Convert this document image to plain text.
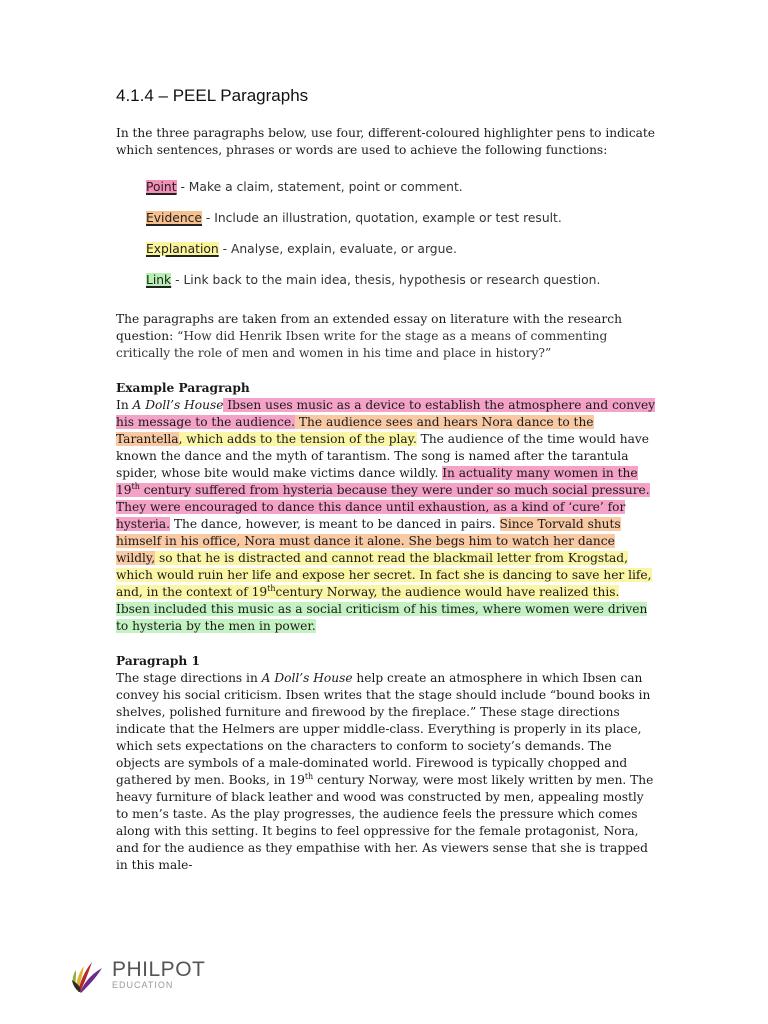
4.1.4 – PEEL Paragraphs

In the three paragraphs below, use four, different-coloured highlighter pens to indicate which sentences, phrases or words are used to achieve the following functions:

Point - Make a claim, statement, point or comment.
Evidence - Include an illustration, quotation, example or test result.
Explanation - Analyse, explain, evaluate, or argue.
Link - Link back to the main idea, thesis, hypothesis or research question.

The paragraphs are taken from an extended essay on literature with the research question: “How did Henrik Ibsen write for the stage as a means of commenting critically the role of men and women in his time and place in history?”

Example Paragraph

In A Doll’s House Ibsen uses music as a device to establish the atmosphere and convey his message to the audience. The audience sees and hears Nora dance to the Tarantella, which adds to the tension of the play. The audience of the time would have known the dance and the myth of tarantism. The song is named after the tarantula spider, whose bite would make victims dance wildly. In actuality many women in the 19th century suffered from hysteria because they were under so much social pressure. They were encouraged to dance this dance until exhaustion, as a kind of ‘cure’ for hysteria. The dance, however, is meant to be danced in pairs. Since Torvald shuts himself in his office, Nora must dance it alone. She begs him to watch her dance wildly, so that he is distracted and cannot read the blackmail letter from Krogstad, which would ruin her life and expose her secret. In fact she is dancing to save her life, and, in the context of 19thcentury Norway, the audience would have realized this. Ibsen included this music as a social criticism of his times, where women were driven to hysteria by the men in power.

Paragraph 1

The stage directions in A Doll’s House help create an atmosphere in which Ibsen can convey his social criticism. Ibsen writes that the stage should include “bound books in shelves, polished furniture and firewood by the fireplace.” These stage directions indicate that the Helmers are upper middle-class. Everything is properly in its place, which sets expectations on the characters to conform to society’s demands. The objects are symbols of a male-dominated world. Firewood is typically chopped and gathered by men. Books, in 19th century Norway, were most likely written by men. The heavy furniture of black leather and wood was constructed by men, appealing mostly to men’s taste. As the play progresses, the audience feels the pressure which comes along with this setting. It begins to feel oppressive for the female protagonist, Nora, and for the audience as they empathise with her. As viewers sense that she is trapped in this male-

PHILPOT
EDUCATION
